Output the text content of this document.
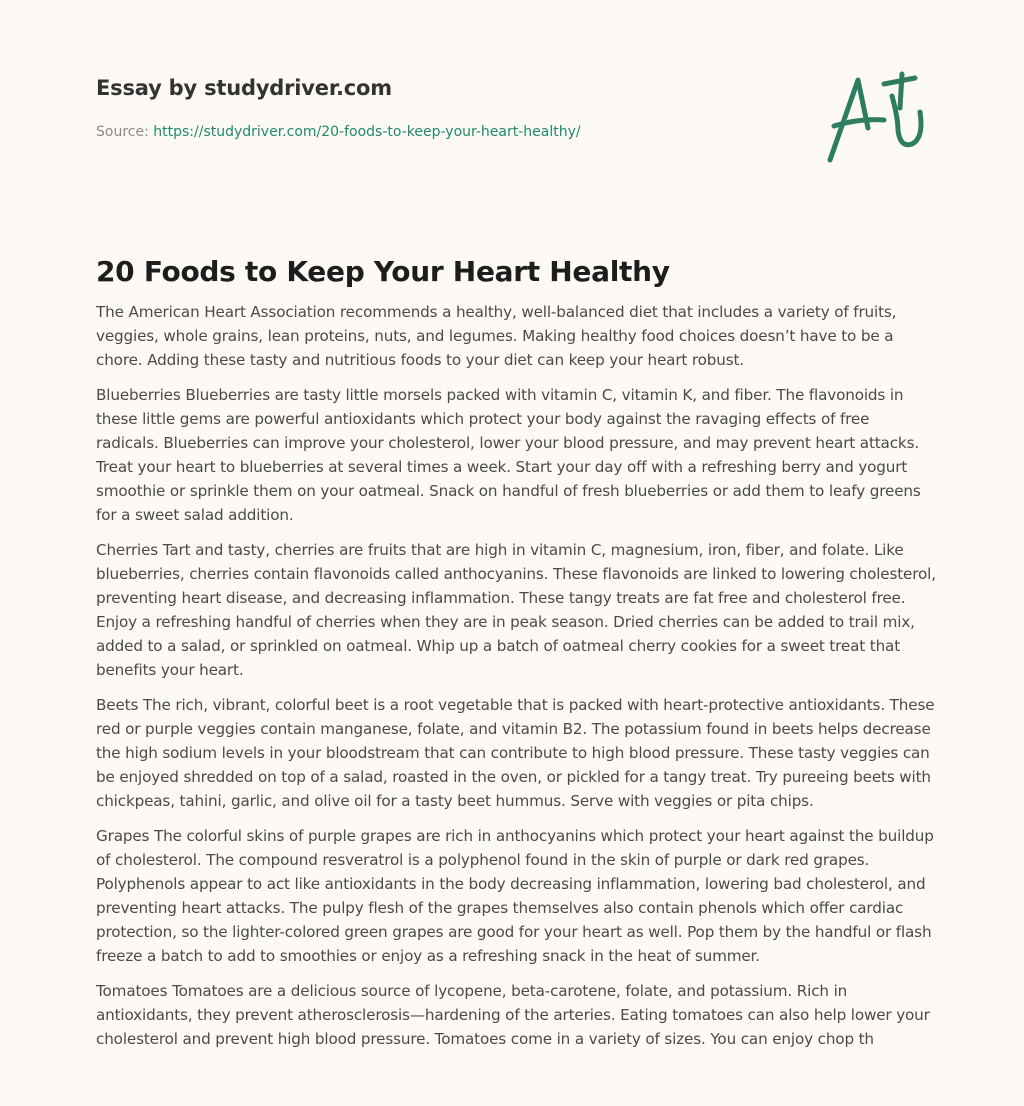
Essay by studydriver.com
Source: https://studydriver.com/20-foods-to-keep-your-heart-healthy/
20 Foods to Keep Your Heart Healthy

The American Heart Association recommends a healthy, well-balanced diet that includes a variety of fruits, veggies, whole grains, lean proteins, nuts, and legumes. Making healthy food choices doesn’t have to be a chore. Adding these tasty and nutritious foods to your diet can keep your heart robust.

Blueberries Blueberries are tasty little morsels packed with vitamin C, vitamin K, and fiber. The flavonoids in these little gems are powerful antioxidants which protect your body against the ravaging effects of free radicals. Blueberries can improve your cholesterol, lower your blood pressure, and may prevent heart attacks. Treat your heart to blueberries at several times a week. Start your day off with a refreshing berry and yogurt smoothie or sprinkle them on your oatmeal. Snack on handful of fresh blueberries or add them to leafy greens for a sweet salad addition.

Cherries Tart and tasty, cherries are fruits that are high in vitamin C, magnesium, iron, fiber, and folate. Like blueberries, cherries contain flavonoids called anthocyanins. These flavonoids are linked to lowering cholesterol, preventing heart disease, and decreasing inflammation. These tangy treats are fat free and cholesterol free. Enjoy a refreshing handful of cherries when they are in peak season. Dried cherries can be added to trail mix, added to a salad, or sprinkled on oatmeal. Whip up a batch of oatmeal cherry cookies for a sweet treat that benefits your heart.

Beets The rich, vibrant, colorful beet is a root vegetable that is packed with heart-protective antioxidants. These red or purple veggies contain manganese, folate, and vitamin B2. The potassium found in beets helps decrease the high sodium levels in your bloodstream that can contribute to high blood pressure. These tasty veggies can be enjoyed shredded on top of a salad, roasted in the oven, or pickled for a tangy treat. Try pureeing beets with chickpeas, tahini, garlic, and olive oil for a tasty beet hummus. Serve with veggies or pita chips.

Grapes The colorful skins of purple grapes are rich in anthocyanins which protect your heart against the buildup of cholesterol. The compound resveratrol is a polyphenol found in the skin of purple or dark red grapes. Polyphenols appear to act like antioxidants in the body decreasing inflammation, lowering bad cholesterol, and preventing heart attacks. The pulpy flesh of the grapes themselves also contain phenols which offer cardiac protection, so the lighter-colored green grapes are good for your heart as well. Pop them by the handful or flash freeze a batch to add to smoothies or enjoy as a refreshing snack in the heat of summer.

Tomatoes Tomatoes are a delicious source of lycopene, beta-carotene, folate, and potassium. Rich in antioxidants, they prevent atherosclerosis—hardening of the arteries. Eating tomatoes can also help lower your cholesterol and prevent high blood pressure. Tomatoes come in a variety of sizes. You can enjoy chop th
